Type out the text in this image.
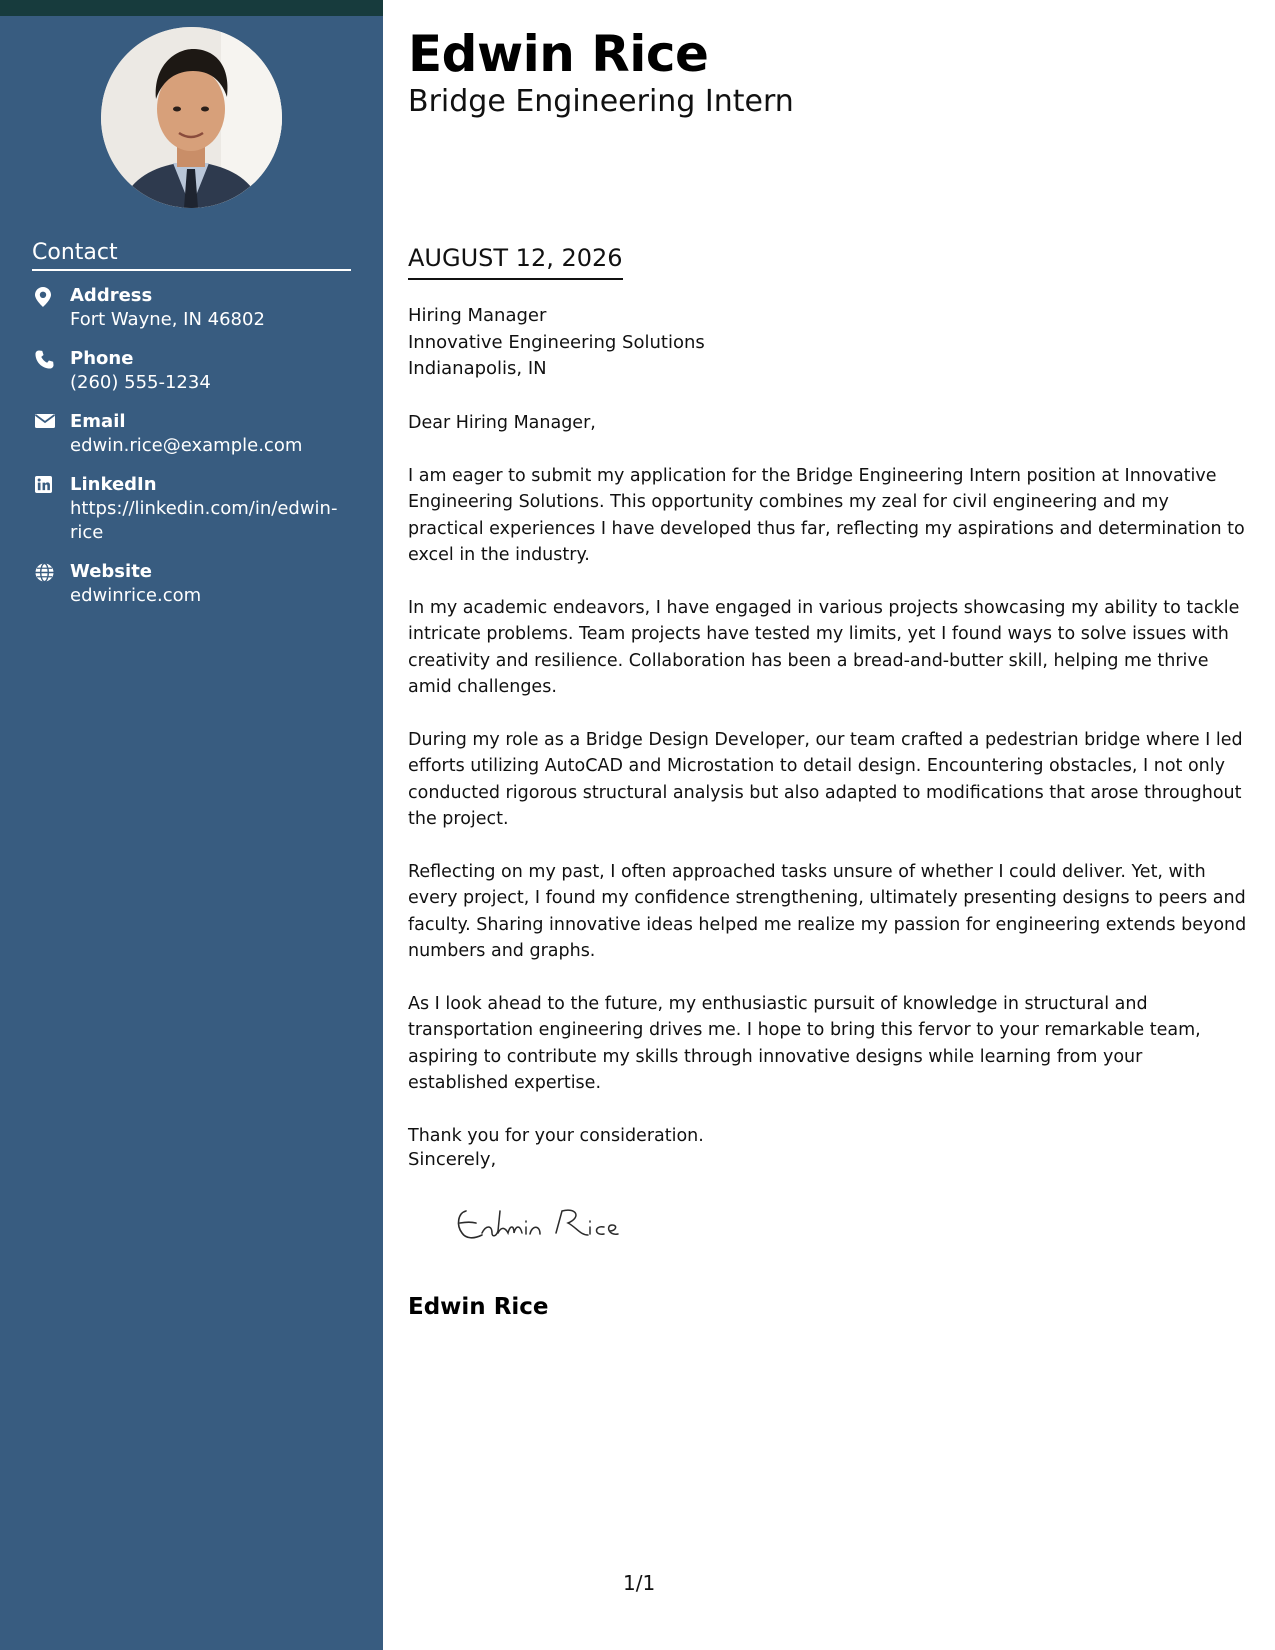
Contact
Address
Fort Wayne, IN 46802
Phone
(260) 555-1234
Email
edwin.rice@example.com
LinkedIn
https://linkedin.com/in/edwin-rice
Website
edwinrice.com
Edwin Rice
Bridge Engineering Intern
AUGUST 12, 2026
Hiring Manager
Innovative Engineering Solutions
Indianapolis, IN

Dear Hiring Manager,

I am eager to submit my application for the Bridge Engineering Intern position at Innovative Engineering Solutions. This opportunity combines my zeal for civil engineering and my practical experiences I have developed thus far, reflecting my aspirations and determination to excel in the industry.

In my academic endeavors, I have engaged in various projects showcasing my ability to tackle intricate problems. Team projects have tested my limits, yet I found ways to solve issues with creativity and resilience. Collaboration has been a bread-and-butter skill, helping me thrive amid challenges.

During my role as a Bridge Design Developer, our team crafted a pedestrian bridge where I led efforts utilizing AutoCAD and Microstation to detail design. Encountering obstacles, I not only conducted rigorous structural analysis but also adapted to modifications that arose throughout the project.

Reflecting on my past, I often approached tasks unsure of whether I could deliver. Yet, with every project, I found my confidence strengthening, ultimately presenting designs to peers and faculty. Sharing innovative ideas helped me realize my passion for engineering extends beyond numbers and graphs.

As I look ahead to the future, my enthusiastic pursuit of knowledge in structural and transportation engineering drives me. I hope to bring this fervor to your remarkable team, aspiring to contribute my skills through innovative designs while learning from your established expertise.

Thank you for your consideration.

Sincerely,
Edwin Rice
1/1
